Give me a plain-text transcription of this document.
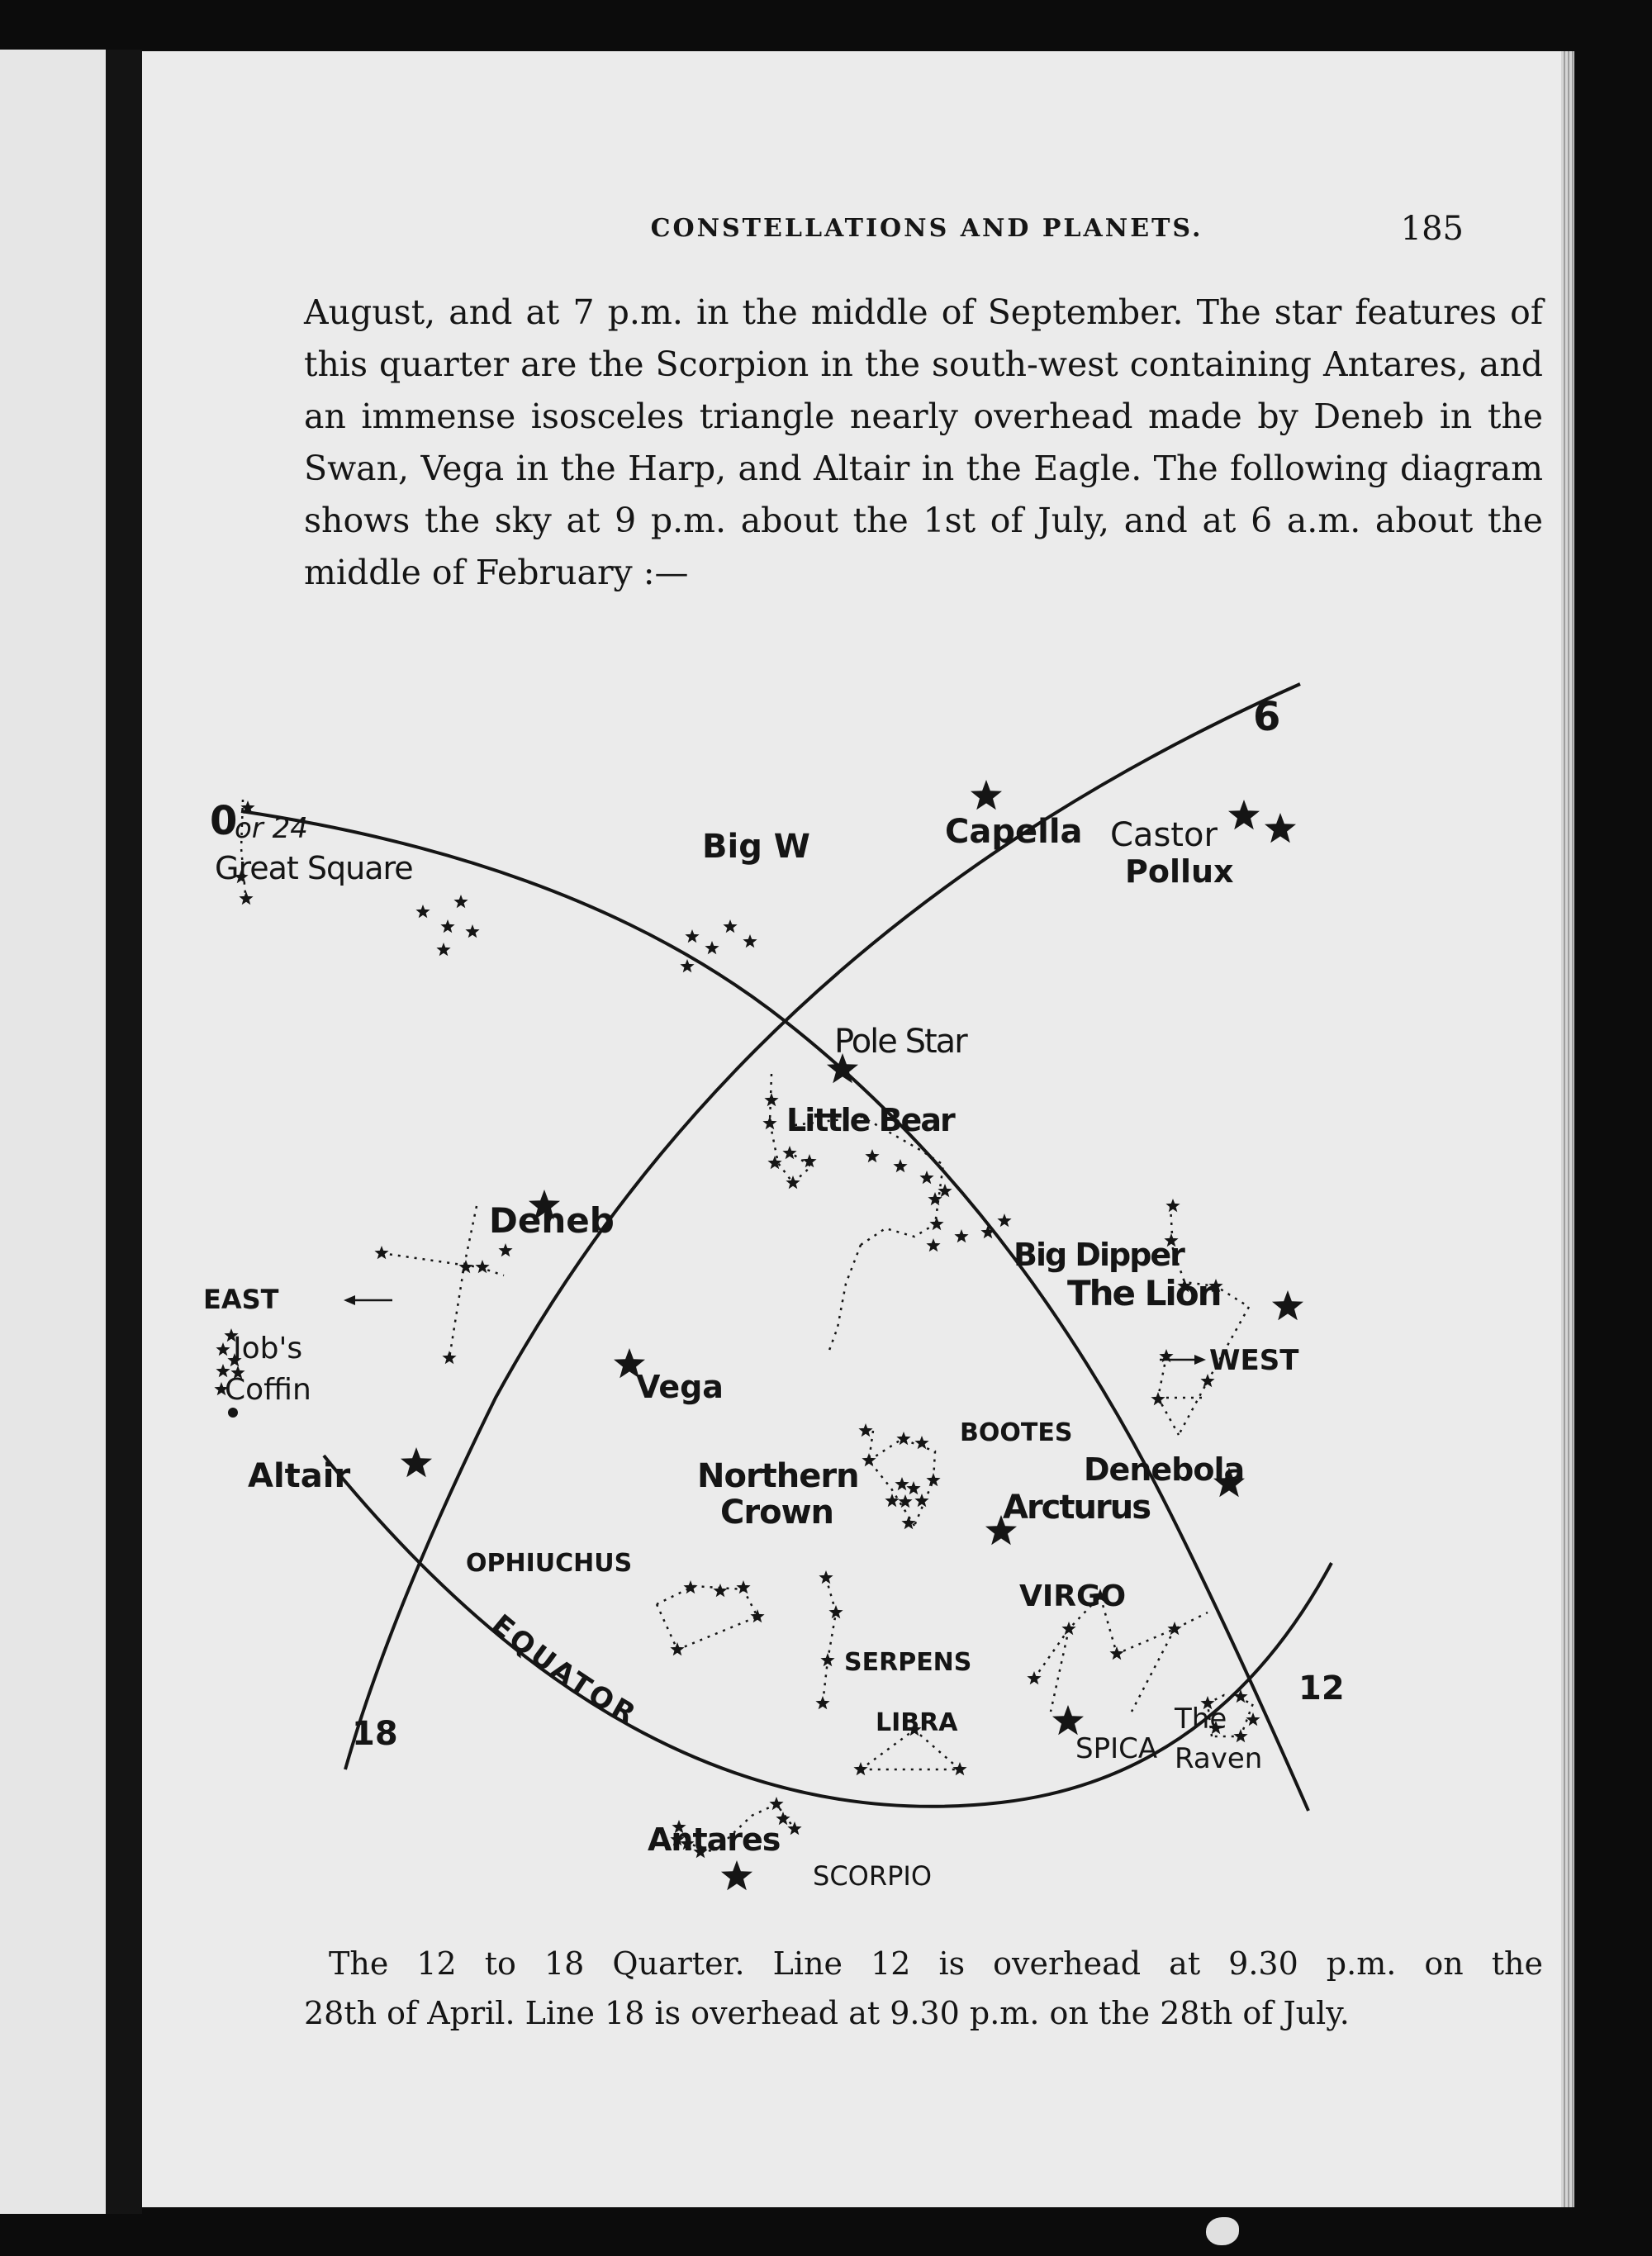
CONSTELLATIONS AND PLANETS.	185
August, and at 7 p.m. in the middle of September. The star features of this quarter are the Scorpion in the south-west containing Antares, and an immense isosceles triangle nearly overhead made by Deneb in the Swan, Vega in the Harp, and Altair in the Eagle. The following diagram shows the sky at 9 p.m. about the 1st of July, and at 6 a.m. about the middle of February :—
6
0
or 24
12
18
Capella
Great Square
Big W	Castor
Pollux
Pole Star
Little Bear
Deneb
Big Dipper
The Lion
EAST
Job's
Coffin
WEST
Vega
BOOTES
Altair	Northern
Crown
Denebola
Arcturus
OPHIUCHUS
VIRGO
EQUATOR
SERPENS
LIBRA
SPICA
The
Raven
Antares
SCORPIO
The 12 to 18 Quarter. Line 12 is overhead at 9.30 p.m. on the
28th of April. Line 18 is overhead at 9.30 p.m. on the 28th of July.
